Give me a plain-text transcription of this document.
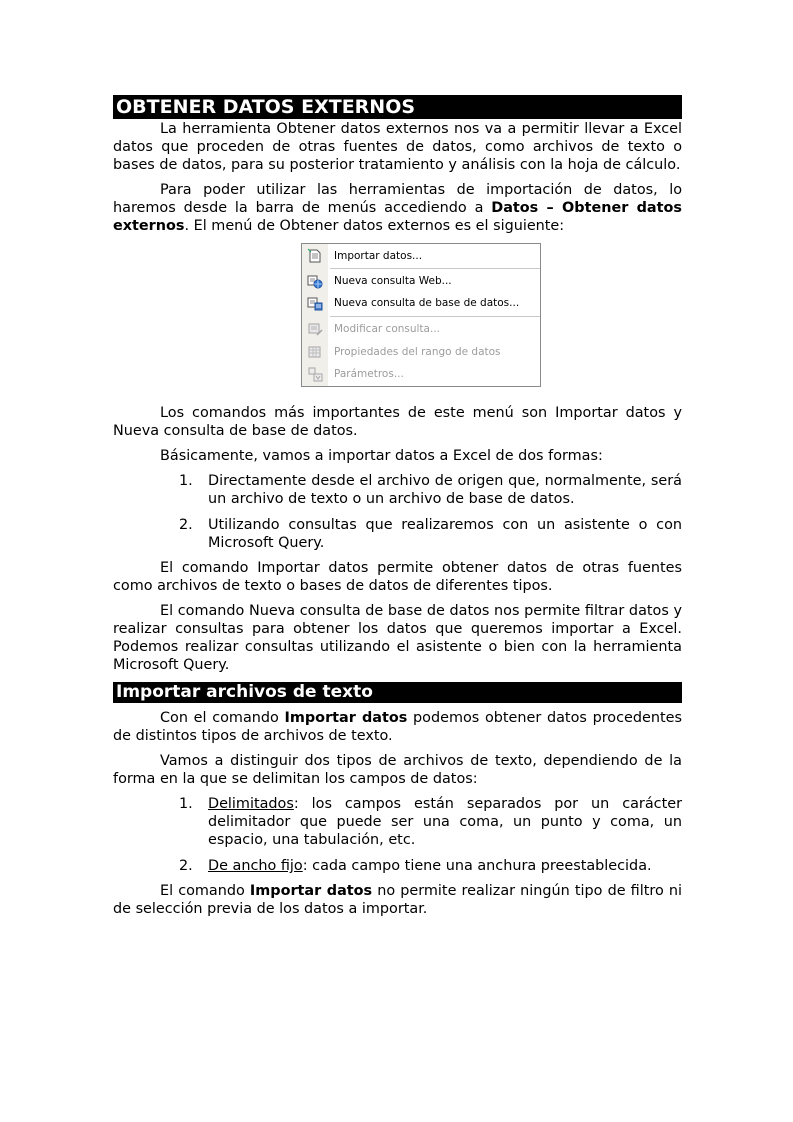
OBTENER DATOS EXTERNOS

La herramienta Obtener datos externos nos va a permitir llevar a Excel datos que proceden de otras fuentes de datos, como archivos de texto o bases de datos, para su posterior tratamiento y análisis con la hoja de cálculo.

Para poder utilizar las herramientas de importación de datos, lo haremos desde la barra de menús accediendo a Datos – Obtener datos externos. El menú de Obtener datos externos es el siguiente:

Importar datos...
Nueva consulta Web...
Nueva consulta de base de datos...
Modificar consulta...
Propiedades del rango de datos
Parámetros...

Los comandos más importantes de este menú son Importar datos y Nueva consulta de base de datos.

Básicamente, vamos a importar datos a Excel de dos formas:

1. Directamente desde el archivo de origen que, normalmente, será un archivo de texto o un archivo de base de datos.
2. Utilizando consultas que realizaremos con un asistente o con Microsoft Query.

El comando Importar datos permite obtener datos de otras fuentes como archivos de texto o bases de datos de diferentes tipos.

El comando Nueva consulta de base de datos nos permite filtrar datos y realizar consultas para obtener los datos que queremos importar a Excel. Podemos realizar consultas utilizando el asistente o bien con la herramienta Microsoft Query.

Importar archivos de texto

Con el comando Importar datos podemos obtener datos procedentes de distintos tipos de archivos de texto.

Vamos a distinguir dos tipos de archivos de texto, dependiendo de la forma en la que se delimitan los campos de datos:

1. Delimitados: los campos están separados por un carácter delimitador que puede ser una coma, un punto y coma, un espacio, una tabulación, etc.
2. De ancho fijo: cada campo tiene una anchura preestablecida.

El comando Importar datos no permite realizar ningún tipo de filtro ni de selección previa de los datos a importar.
